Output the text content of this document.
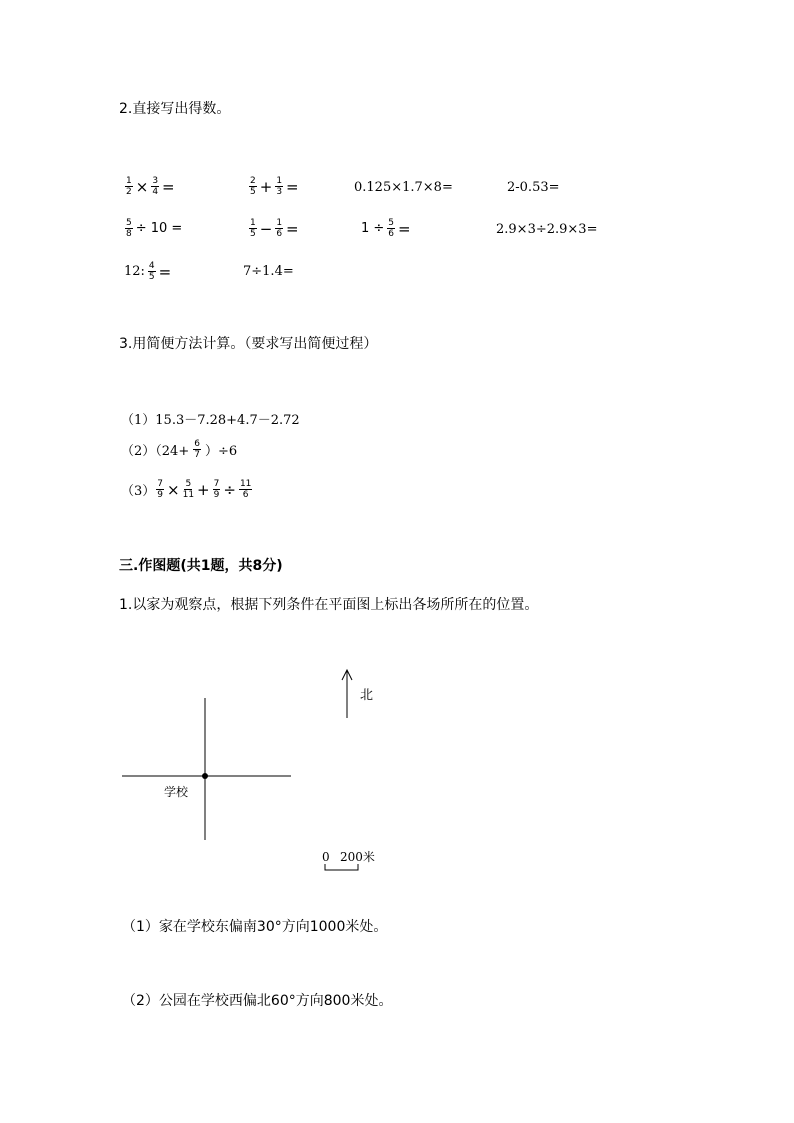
2.直接写出得数。
$\frac{1}{2} \times \frac{3}{4}$ =	$\frac{2}{5} + \frac{1}{3}$ =	0.125×1.7×8=	2-0.53=
$\frac{5}{8} \div 10$ =	$\frac{1}{5} - \frac{1}{6}$ =	$1 \div \frac{5}{6}$ =	2.9×3÷2.9×3=
12: $\frac{4}{5}$ =	7÷1.4=
3.用简便方法计算。（要求写出简便过程）
（1）15.3－7.28+4.7－2.72
$(2)(24+ \frac{6}{7} )\div 6$
$(3) \frac{7}{9} \times \frac{5}{11} + \frac{7}{9} \div \frac{11}{6}$
三.作图题(共1题，共8分)
1.以家为观察点，根据下列条件在平面图上标出各场所所在的位置。
北
学校
0 200米
（1）家在学校东偏南30°方向1000米处。
（2）公园在学校西偏北60°方向800米处。
